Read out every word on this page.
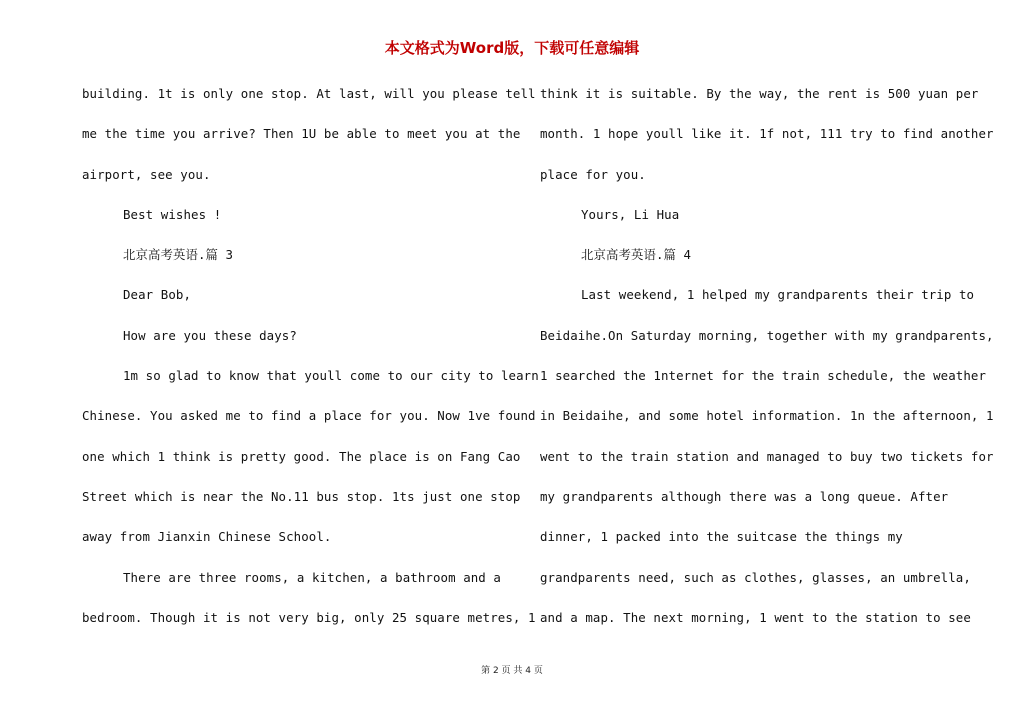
本文格式为Word版，下载可任意编辑
building. 1t is only one stop. At last, will you please tell
me the time you arrive? Then 1U be able to meet you at the
airport, see you.
Best wishes !
北京高考英语.篇 3
Dear Bob,
How are you these days?
1m so glad to know that youll come to our city to learn
Chinese. You asked me to find a place for you. Now 1ve found
one which 1 think is pretty good. The place is on Fang Cao
Street which is near the No.11 bus stop. 1ts just one stop
away from Jianxin Chinese School.
There are three rooms, a kitchen, a bathroom and a
bedroom. Though it is not very big, only 25 square metres, 1
think it is suitable. By the way, the rent is 500 yuan per
month. 1 hope youll like it. 1f not, 111 try to find another
place for you.
Yours, Li Hua
北京高考英语.篇 4
Last weekend, 1 helped my grandparents their trip to
Beidaihe.On Saturday morning, together with my grandparents,
1 searched the 1nternet for the train schedule, the weather
in Beidaihe, and some hotel information. 1n the afternoon, 1
went to the train station and managed to buy two tickets for
my grandparents although there was a long queue. After
dinner, 1 packed into the suitcase the things my
grandparents need, such as clothes, glasses, an umbrella,
and a map. The next morning, 1 went to the station to see
第 2 页 共 4 页
